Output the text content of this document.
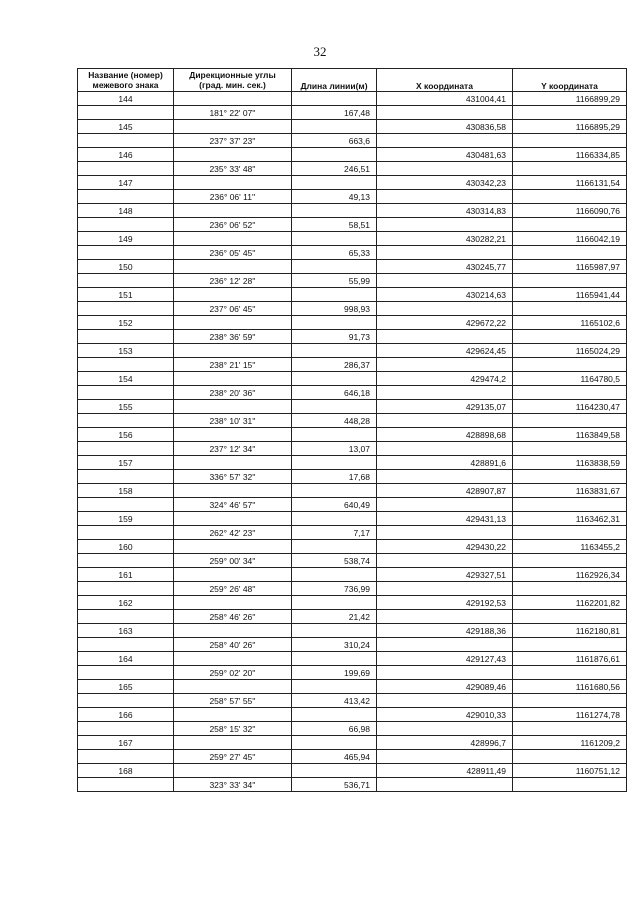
32
Название (номер) межевого знака	Дирекционные углы (град. мин. сек.)	Длина линии(м)	X координата	Y координата
144			431004,41	1166899,29
	181° 22' 07''	167,48		
145			430836,58	1166895,29
	237° 37' 23''	663,6		
146			430481,63	1166334,85
	235° 33' 48''	246,51		
147			430342,23	1166131,54
	236° 06' 11''	49,13		
148			430314,83	1166090,76
	236° 06' 52''	58,51		
149			430282,21	1166042,19
	236° 05' 45''	65,33		
150			430245,77	1165987,97
	236° 12' 28''	55,99		
151			430214,63	1165941,44
	237° 06' 45''	998,93		
152			429672,22	1165102,6
	238° 36' 59''	91,73		
153			429624,45	1165024,29
	238° 21' 15''	286,37		
154			429474,2	1164780,5
	238° 20' 36''	646,18		
155			429135,07	1164230,47
	238° 10' 31''	448,28		
156			428898,68	1163849,58
	237° 12' 34''	13,07		
157			428891,6	1163838,59
	336° 57' 32''	17,68		
158			428907,87	1163831,67
	324° 46' 57''	640,49		
159			429431,13	1163462,31
	262° 42' 23''	7,17		
160			429430,22	1163455,2
	259° 00' 34''	538,74		
161			429327,51	1162926,34
	259° 26' 48''	736,99		
162			429192,53	1162201,82
	258° 46' 26''	21,42		
163			429188,36	1162180,81
	258° 40' 26''	310,24		
164			429127,43	1161876,61
	259° 02' 20''	199,69		
165			429089,46	1161680,56
	258° 57' 55''	413,42		
166			429010,33	1161274,78
	258° 15' 32''	66,98		
167			428996,7	1161209,2
	259° 27' 45''	465,94		
168			428911,49	1160751,12
	323° 33' 34''	536,71		
